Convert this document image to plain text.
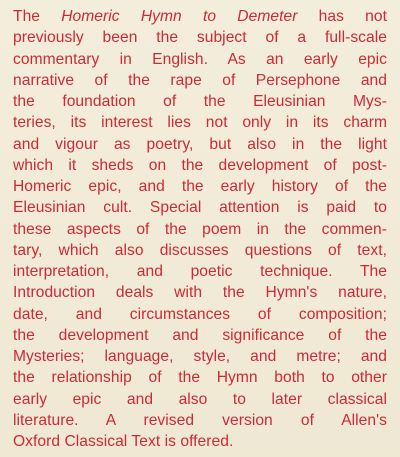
The Homeric Hymn to Demeter has not
previously been the subject of a full-scale
commentary in English. As an early epic
narrative of the rape of Persephone and
the foundation of the Eleusinian Mys-
teries, its interest lies not only in its charm
and vigour as poetry, but also in the light
which it sheds on the development of post-
Homeric epic, and the early history of the
Eleusinian cult. Special attention is paid to
these aspects of the poem in the commen-
tary, which also discusses questions of text,
interpretation, and poetic technique. The
Introduction deals with the Hymn's nature,
date, and circumstances of composition;
the development and significance of the
Mysteries; language, style, and metre; and
the relationship of the Hymn both to other
early epic and also to later classical
literature. A revised version of Allen's
Oxford Classical Text is offered.
